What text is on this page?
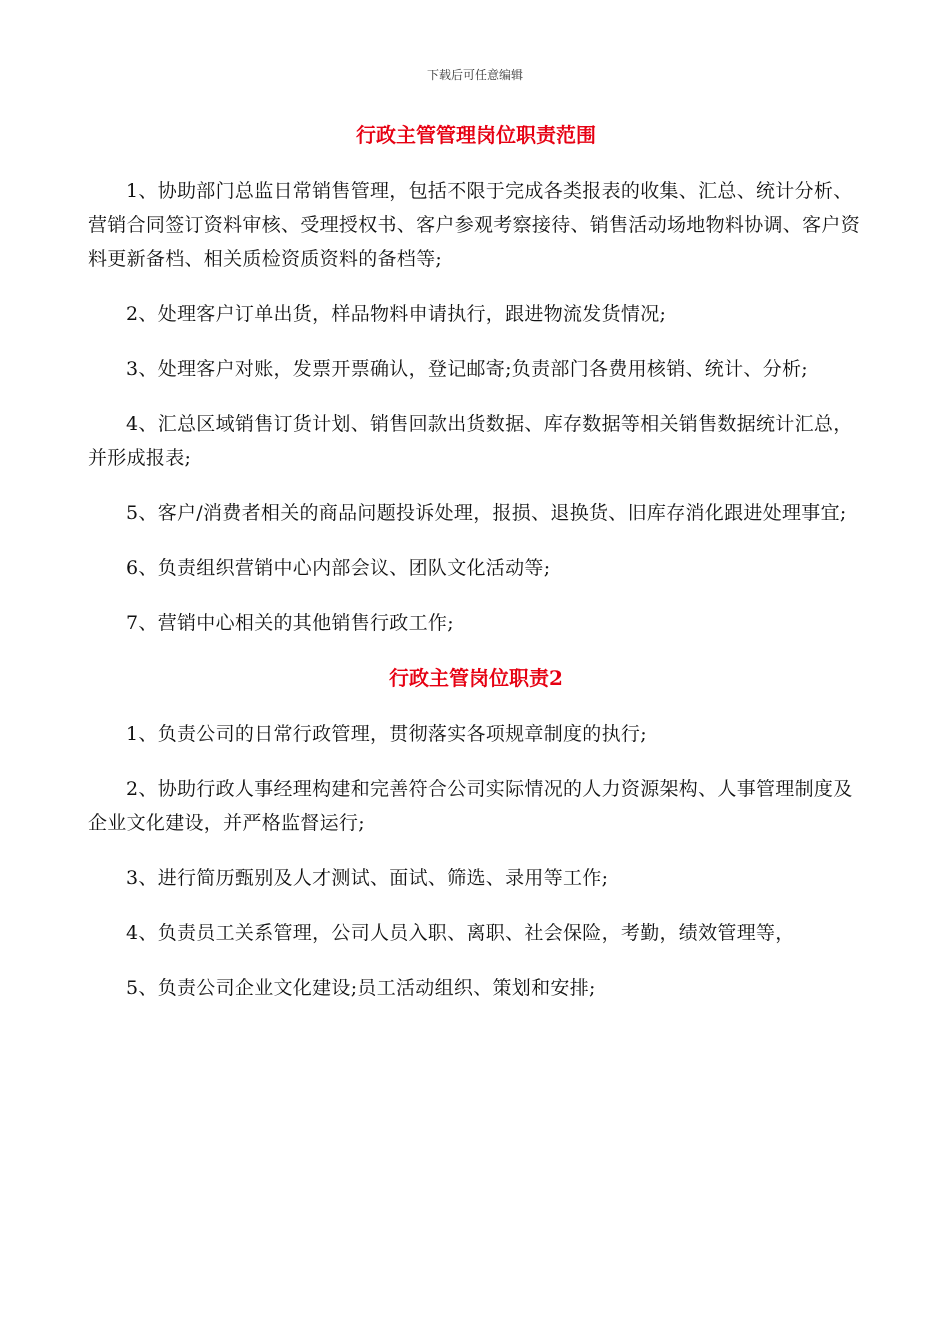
下载后可任意编辑
行政主管管理岗位职责范围

1、协助部门总监日常销售管理，包括不限于完成各类报表的收集、汇总、统计分析、营销合同签订资料审核、受理授权书、客户参观考察接待、销售活动场地物料协调、客户资料更新备档、相关质检资质资料的备档等;

2、处理客户订单出货，样品物料申请执行，跟进物流发货情况;

3、处理客户对账，发票开票确认，登记邮寄;负责部门各费用核销、统计、分析;

4、汇总区域销售订货计划、销售回款出货数据、库存数据等相关销售数据统计汇总，并形成报表;

5、客户/消费者相关的商品问题投诉处理，报损、退换货、旧库存消化跟进处理事宜;

6、负责组织营销中心内部会议、团队文化活动等;

7、营销中心相关的其他销售行政工作;

行政主管岗位职责2

1、负责公司的日常行政管理，贯彻落实各项规章制度的执行;

2、协助行政人事经理构建和完善符合公司实际情况的人力资源架构、人事管理制度及企业文化建设，并严格监督运行;

3、进行简历甄别及人才测试、面试、筛选、录用等工作;

4、负责员工关系管理，公司人员入职、离职、社会保险，考勤，绩效管理等，

5、负责公司企业文化建设;员工活动组织、策划和安排;
